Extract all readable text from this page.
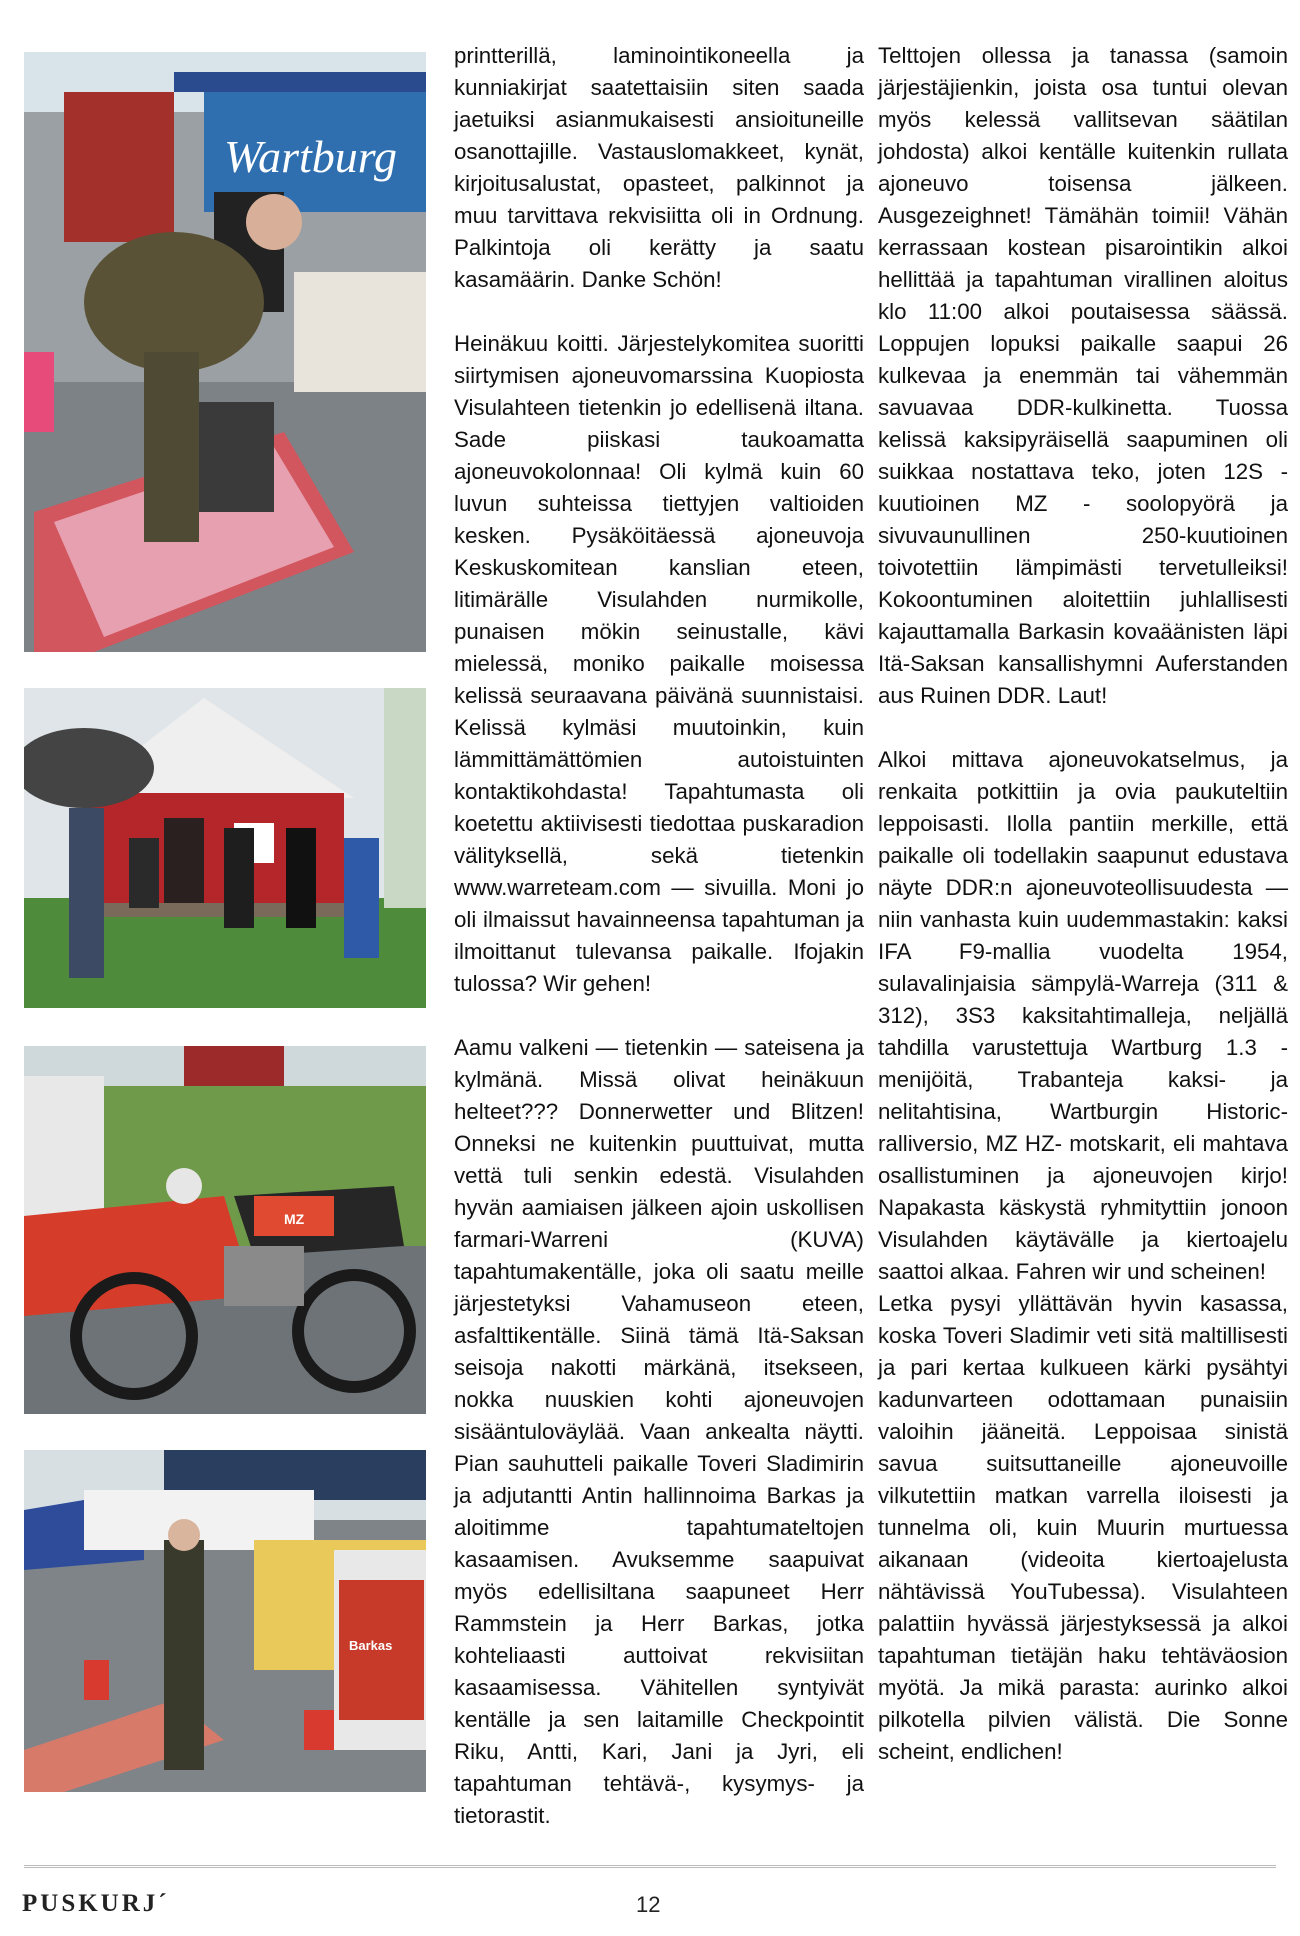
Wartburg
MZ
Barkas

printterillä, laminointikoneella ja kunniakirjat saatettaisiin siten saada jaetuiksi asianmukaisesti ansioituneille osanottajille. Vastauslomakkeet, kynät, kirjoitusalustat, opasteet, palkinnot ja muu tarvittava rekvisiitta oli in Ordnung. Palkintoja oli kerätty ja saatu kasamäärin. Danke Schön!

Heinäkuu koitti. Järjestelykomitea suoritti siirtymisen ajoneuvomarssina Kuopiosta Visulahteen tietenkin jo edellisenä iltana. Sade piiskasi taukoamatta ajoneuvokolonnaa! Oli kylmä kuin 60 luvun suhteissa tiettyjen valtioiden kesken. Pysäköitäessä ajoneuvoja Keskuskomitean kanslian eteen, litimärälle Visulahden nurmikolle, punaisen mökin seinustalle, kävi mielessä, moniko paikalle moisessa kelissä seuraavana päivänä suunnistaisi. Kelissä kylmäsi muutoinkin, kuin lämmittämättömien autoistuinten kontaktikohdasta! Tapahtumasta oli koetettu aktiivisesti tiedottaa puskaradion välityksellä, sekä tietenkin www.warreteam.com — sivuilla. Moni jo oli ilmaissut havainneensa tapahtuman ja ilmoittanut tulevansa paikalle. Ifojakin tulossa? Wir gehen!

Aamu valkeni — tietenkin — sateisena ja kylmänä. Missä olivat heinäkuun helteet??? Donnerwetter und Blitzen! Onneksi ne kuitenkin puuttuivat, mutta vettä tuli senkin edestä. Visulahden hyvän aamiaisen jälkeen ajoin uskollisen farmari-Warreni (KUVA) tapahtumakentälle, joka oli saatu meille järjestetyksi Vahamuseon eteen, asfalttikentälle. Siinä tämä Itä-Saksan seisoja nakotti märkänä, itsekseen, nokka nuuskien kohti ajoneuvojen sisääntuloväylää. Vaan ankealta näytti. Pian sauhutteli paikalle Toveri Sladimirin ja adjutantti Antin hallinnoima Barkas ja aloitimme tapahtumateltojen kasaamisen. Avuksemme saapuivat myös edellisiltana saapuneet Herr Rammstein ja Herr Barkas, jotka kohteliaasti auttoivat rekvisiitan kasaamisessa. Vähitellen syntyivät kentälle ja sen laitamille Checkpointit Riku, Antti, Kari, Jani ja Jyri, eli tapahtuman tehtävä-, kysymys- ja tietorastit.

Telttojen ollessa ja tanassa (samoin järjestäjienkin, joista osa tuntui olevan myös kelessä vallitsevan säätilan johdosta) alkoi kentälle kuitenkin rullata ajoneuvo toisensa jälkeen. Ausgezeighnet! Tämähän toimii! Vähän kerrassaan kostean pisarointikin alkoi hellittää ja tapahtuman virallinen aloitus klo 11:00 alkoi poutaisessa säässä. Loppujen lopuksi paikalle saapui 26 kulkevaa ja enemmän tai vähemmän savuavaa DDR-kulkinetta. Tuossa kelissä kaksipyräisellä saapuminen oli suikkaa nostattava teko, joten 12S - kuutioinen MZ - soolopyörä ja sivuvaunullinen 250-kuutioinen toivotettiin lämpimästi tervetulleiksi! Kokoontuminen aloitettiin juhlallisesti kajauttamalla Barkasin kovaäänisten läpi Itä-Saksan kansallishymni Auferstanden aus Ruinen DDR. Laut!

Alkoi mittava ajoneuvokatselmus, ja renkaita potkittiin ja ovia paukuteltiin leppoisasti. Ilolla pantiin merkille, että paikalle oli todellakin saapunut edustava näyte DDR:n ajoneuvoteollisuudesta — niin vanhasta kuin uudemmastakin: kaksi IFA F9-mallia vuodelta 1954, sulavalinjaisia sämpylä-Warreja (311 & 312), 3S3 kaksitahtimalleja, neljällä tahdilla varustettuja Wartburg 1.3 - menijöitä, Trabanteja kaksi- ja nelitahtisina, Wartburgin Historic-ralliversio, MZ HZ- motskarit, eli mahtava osallistuminen ja ajoneuvojen kirjo! Napakasta käskystä ryhmityttiin jonoon Visulahden käytävälle ja kiertoajelu saattoi alkaa. Fahren wir und scheinen!

Letka pysyi yllättävän hyvin kasassa, koska Toveri Sladimir veti sitä maltillisesti ja pari kertaa kulkueen kärki pysähtyi kadunvarteen odottamaan punaisiin valoihin jääneitä. Leppoisaa sinistä savua suitsuttaneille ajoneuvoille vilkutettiin matkan varrella iloisesti ja tunnelma oli, kuin Muurin murtuessa aikanaan (videoita kiertoajelusta nähtävissä YouTubessa). Visulahteen palattiin hyvässä järjestyksessä ja alkoi tapahtuman tietäjän haku tehtäväosion myötä. Ja mikä parasta: aurinko alkoi pilkotella pilvien välistä. Die Sonne scheint, endlichen!

PUSKURJ´	12
